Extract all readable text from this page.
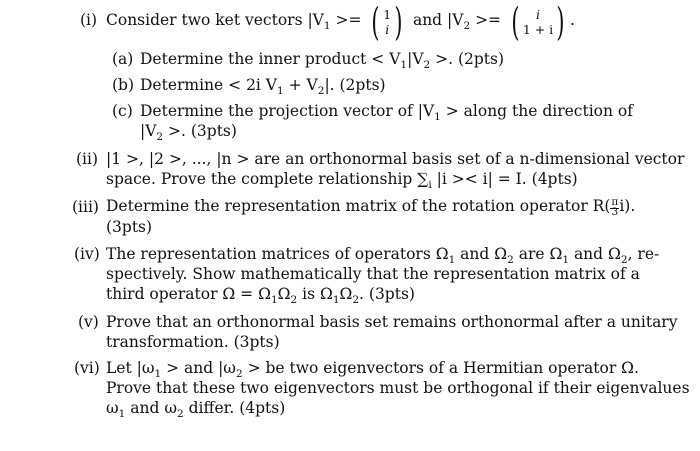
(i) Consider two ket vectors $|V_1$ >= ( 1
i ) and $|V_2$ >= ( i
1 + i) .
(a) Determine the inner product < $V_1|V_2$ >. (2pts)
(b) Determine < 2i $V_1 + V_2|$. (2pts)
(c) Determine the projection vector of $|V_1$ > along the direction of
$|V_2$ >. (3pts)
(ii) |1 >, |2 >, ..., |n > are an orthonormal basis set of a n-dimensional vector
space. Prove the complete relationship $\sum_i$ |i >< i| = I. (4pts)
(iii) Determine the representation matrix of the rotation operator $R(\frac{\pi}{3}i)$.
(3pts)
(iv) The representation matrices of operators $\Omega_1$ and $\Omega_2$ are $\Omega_1$ and $\Omega_2$, re-
spectively. Show mathematically that the representation matrix of a
third operator $\Omega = \Omega_1\Omega_2$ is $\Omega_1\Omega_2$. (3pts)
(v) Prove that an orthonormal basis set remains orthonormal after a unitary
transformation. (3pts)
(vi) Let $|\omega_1$ > and $|\omega_2$ > be two eigenvectors of a Hermitian operator Ω.
Prove that these two eigenvectors must be orthogonal if their eigenvalues
$\omega_1$ and $\omega_2$ differ. (4pts)
